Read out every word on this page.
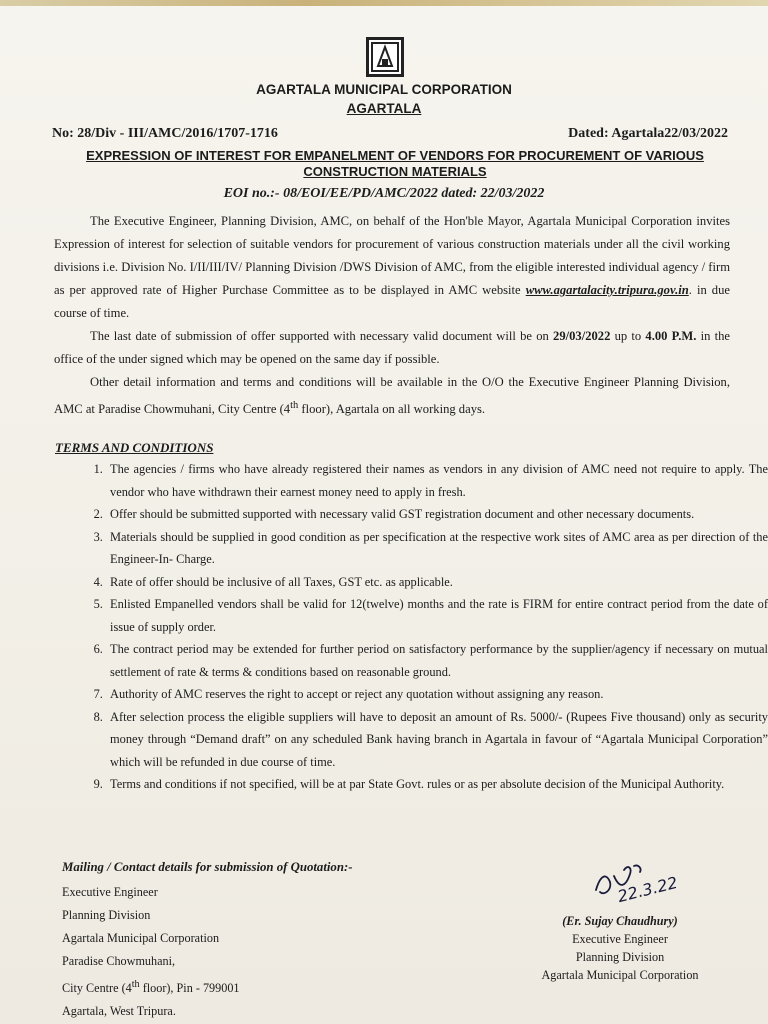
AGARTALA MUNICIPAL CORPORATION
AGARTALA
No: 28/Div - III/AMC/2016/1707-1716	Dated: Agartala22/03/2022
EXPRESSION OF INTEREST FOR EMPANELMENT OF VENDORS FOR PROCUREMENT OF VARIOUS CONSTRUCTION MATERIALS
EOI no.:- 08/EOI/EE/PD/AMC/2022 dated: 22/03/2022

The Executive Engineer, Planning Division, AMC, on behalf of the Hon'ble Mayor, Agartala Municipal Corporation invites Expression of interest for selection of suitable vendors for procurement of various construction materials under all the civil working divisions i.e. Division No. I/II/III/IV/ Planning Division /DWS Division of AMC, from the eligible interested individual agency / firm as per approved rate of Higher Purchase Committee as to be displayed in AMC website www.agartalacity.tripura.gov.in. in due course of time.

The last date of submission of offer supported with necessary valid document will be on 29/03/2022 up to 4.00 P.M. in the office of the under signed which may be opened on the same day if possible.

Other detail information and terms and conditions will be available in the O/O the Executive Engineer Planning Division, AMC at Paradise Chowmuhani, City Centre (4th floor), Agartala on all working days.

TERMS AND CONDITIONS
1. The agencies / firms who have already registered their names as vendors in any division of AMC need not require to apply. The vendor who have withdrawn their earnest money need to apply in fresh.
2. Offer should be submitted supported with necessary valid GST registration document and other necessary documents.
3. Materials should be supplied in good condition as per specification at the respective work sites of AMC area as per direction of the Engineer-In- Charge.
4. Rate of offer should be inclusive of all Taxes, GST etc. as applicable.
5. Enlisted Empanelled vendors shall be valid for 12(twelve) months and the rate is FIRM for entire contract period from the date of issue of supply order.
6. The contract period may be extended for further period on satisfactory performance by the supplier/agency if necessary on mutual settlement of rate & terms & conditions based on reasonable ground.
7. Authority of AMC reserves the right to accept or reject any quotation without assigning any reason.
8. After selection process the eligible suppliers will have to deposit an amount of Rs. 5000/- (Rupees Five thousand) only as security money through “Demand draft” on any scheduled Bank having branch in Agartala in favour of “Agartala Municipal Corporation” which will be refunded in due course of time.
9. Terms and conditions if not specified, will be at par State Govt. rules or as per absolute decision of the Municipal Authority.
Mailing / Contact details for submission of Quotation:-
Executive Engineer
Planning Division
Agartala Municipal Corporation
Paradise Chowmuhani,
City Centre (4th floor), Pin - 799001
Agartala, West Tripura.
22.3.22
(Er. Sujay Chaudhury)
Executive Engineer
Planning Division
Agartala Municipal Corporation
